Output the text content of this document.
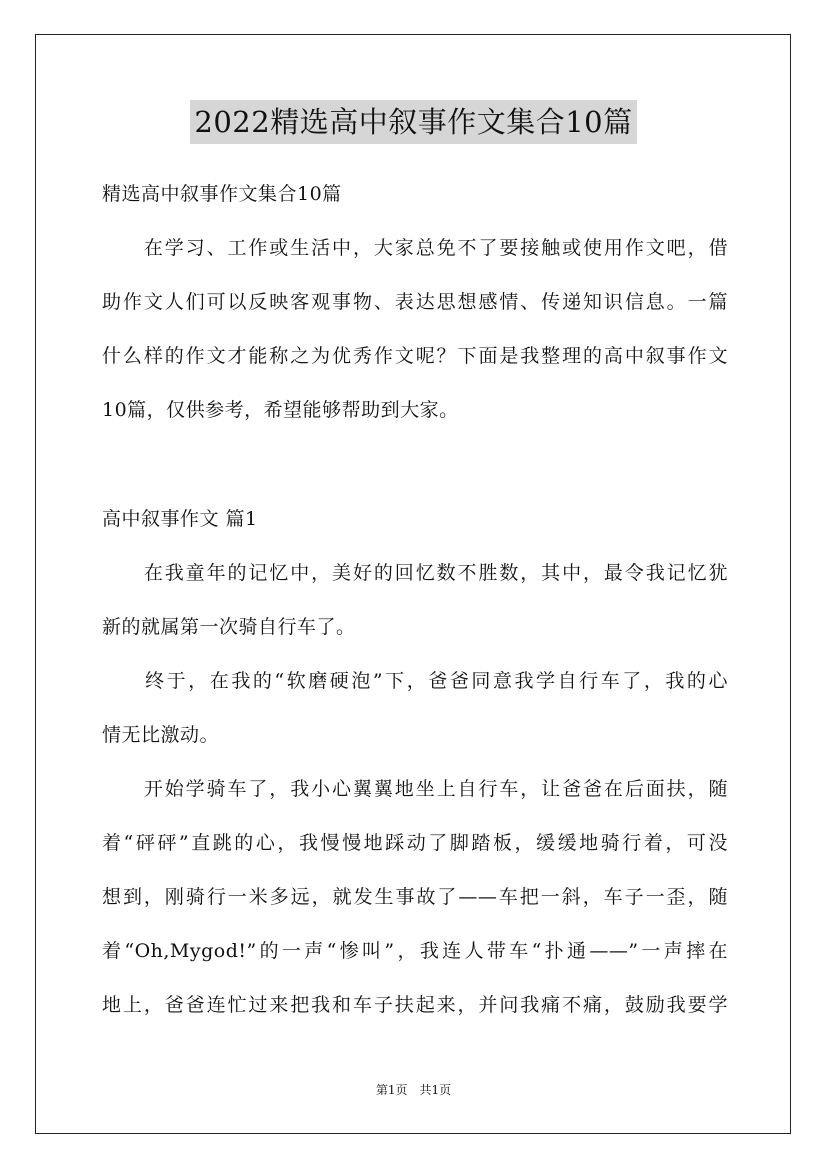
2022精选高中叙事作文集合10篇
精选高中叙事作文集合10篇
　　在学习、工作或生活中，大家总免不了要接触或使用作文吧，借
助作文人们可以反映客观事物、表达思想感情、传递知识信息。一篇
什么样的作文才能称之为优秀作文呢？下面是我整理的高中叙事作文
10篇，仅供参考，希望能够帮助到大家。
高中叙事作文 篇1
　　在我童年的记忆中，美好的回忆数不胜数，其中，最令我记忆犹
新的就属第一次骑自行车了。
　　终于，在我的“软磨硬泡”下，爸爸同意我学自行车了，我的心
情无比激动。
　　开始学骑车了，我小心翼翼地坐上自行车，让爸爸在后面扶，随
着“砰砰”直跳的心，我慢慢地踩动了脚踏板，缓缓地骑行着，可没
想到，刚骑行一米多远，就发生事故了——车把一斜，车子一歪，随
着“Oh,Mygod!”的一声“惨叫”，我连人带车“扑通——”一声摔在
地上，爸爸连忙过来把我和车子扶起来，并问我痛不痛，鼓励我要学
第1页　共1页
